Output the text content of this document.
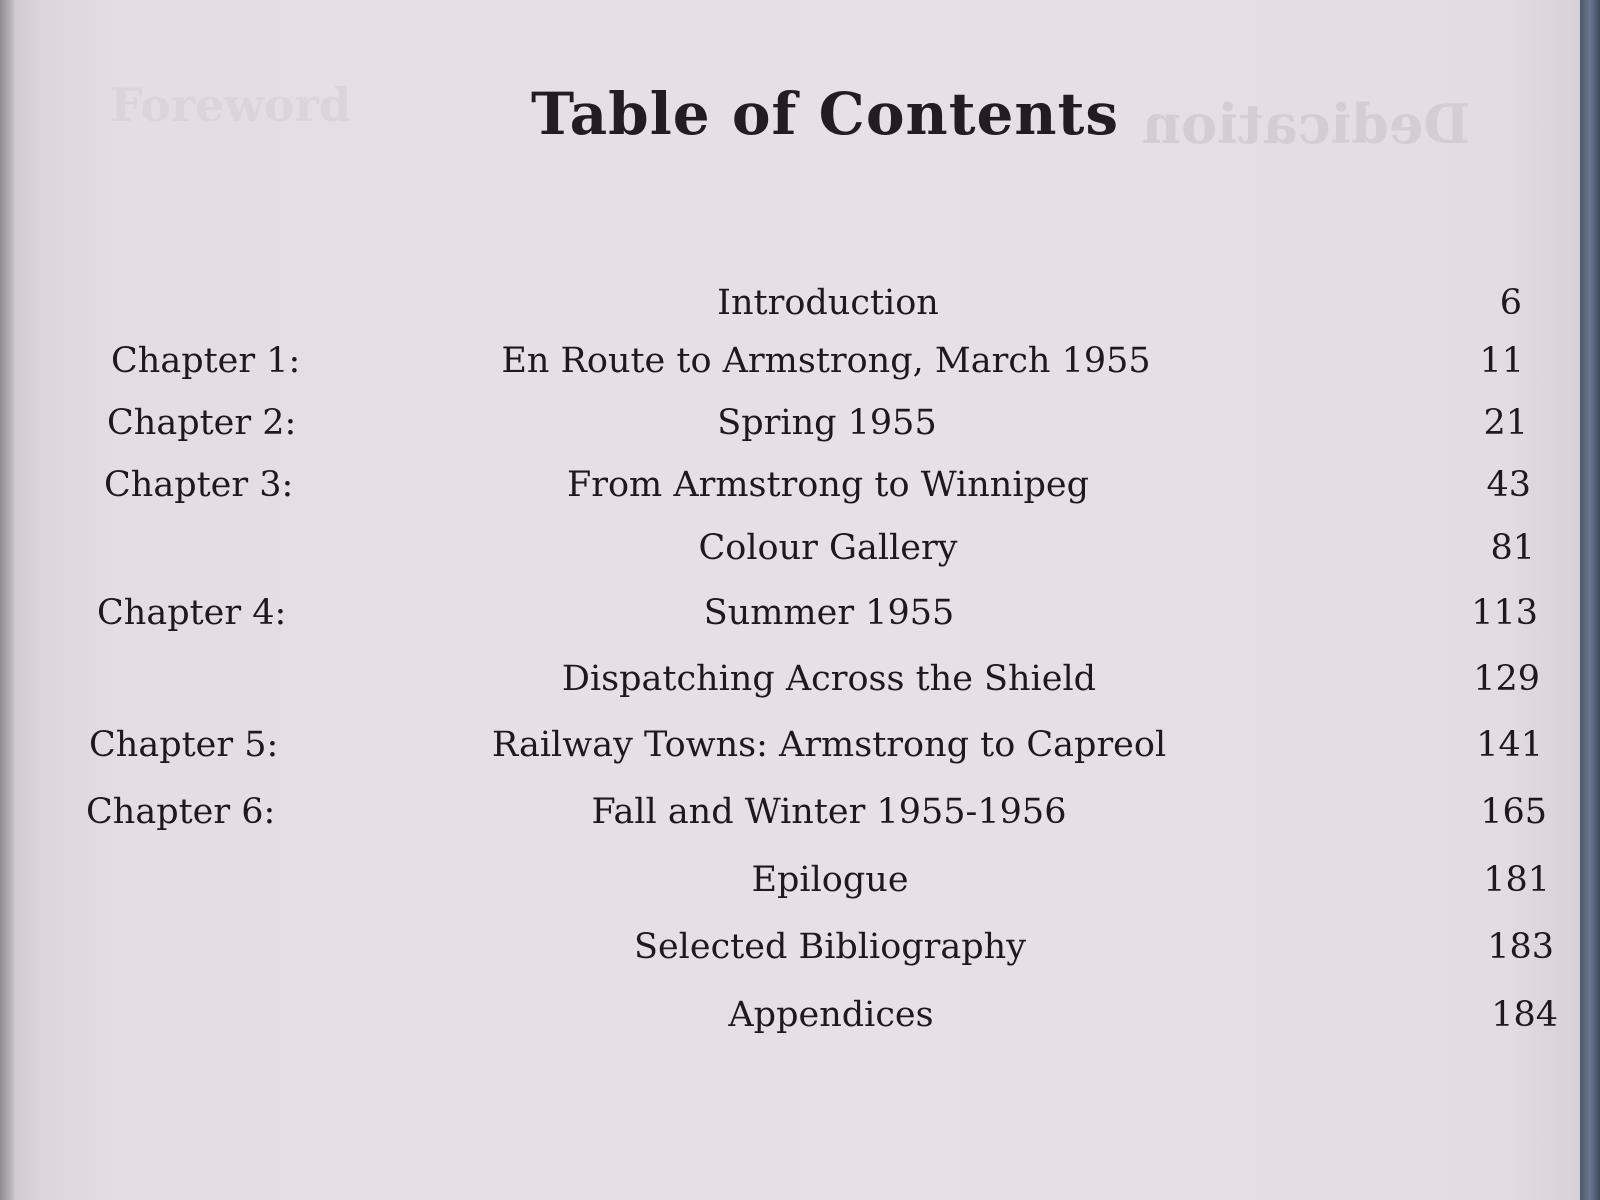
Foreword	Dedication
Table of Contents
Introduction	6
Chapter 1:	En Route to Armstrong, March 1955	11
Chapter 2:	Spring 1955	21
Chapter 3:	From Armstrong to Winnipeg	43
Colour Gallery	81
Chapter 4:	Summer 1955	113
Dispatching Across the Shield	129
Chapter 5:	Railway Towns: Armstrong to Capreol	141
Chapter 6:	Fall and Winter 1955-1956	165
Epilogue	181
Selected Bibliography	183
Appendices	184
